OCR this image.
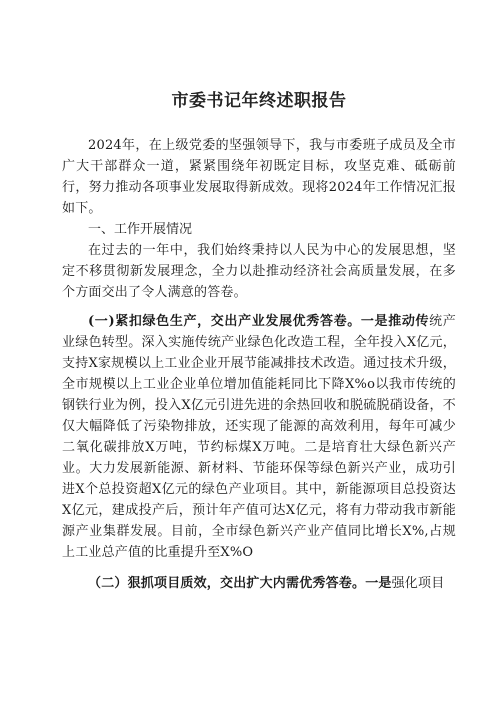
市委书记年终述职报告

2024年，在上级党委的坚强领导下，我与市委班子成员及全市广大干部群众一道，紧紧围绕年初既定目标，攻坚克难、砥砺前行，努力推动各项事业发展取得新成效。现将2024年工作情况汇报如下。

一、工作开展情况

在过去的一年中，我们始终秉持以人民为中心的发展思想，坚定不移贯彻新发展理念，全力以赴推动经济社会高质量发展，在多个方面交出了令人满意的答卷。

(一)紧扣绿色生产，交出产业发展优秀答卷。一是推动传统产业绿色转型。深入实施传统产业绿色化改造工程，全年投入X亿元，支持X家规模以上工业企业开展节能减排技术改造。通过技术升级，全市规模以上工业企业单位增加值能耗同比下降X%o以我市传统的钢铁行业为例，投入X亿元引进先进的余热回收和脱硫脱硝设备，不仅大幅降低了污染物排放，还实现了能源的高效利用，每年可减少二氧化碳排放X万吨，节约标煤X万吨。二是培育壮大绿色新兴产业。大力发展新能源、新材料、节能环保等绿色新兴产业，成功引进X个总投资超X亿元的绿色产业项目。其中，新能源项目总投资达X亿元，建成投产后，预计年产值可达X亿元，将有力带动我市新能源产业集群发展。目前，全市绿色新兴产业产值同比增长X%,占规上工业总产值的比重提升至X%O

（二）狠抓项目质效，交出扩大内需优秀答卷。一是强化项目
